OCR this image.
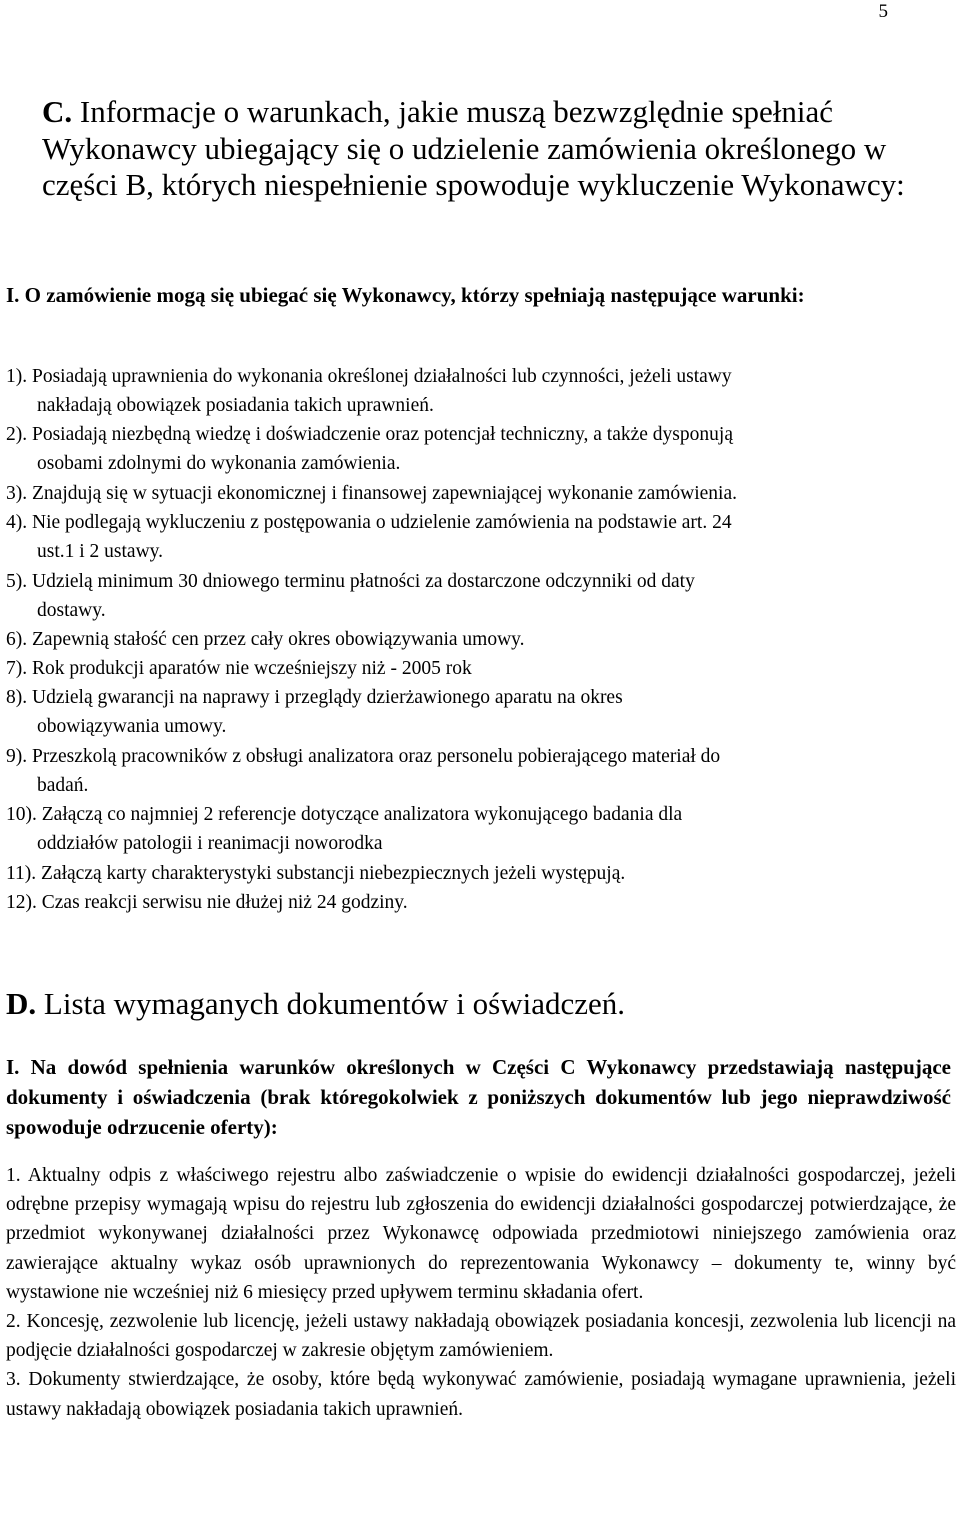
5
C. Informacje o warunkach, jakie muszą bezwzględnie spełniać Wykonawcy ubiegający się o udzielenie zamówienia określonego w części B, których niespełnienie spowoduje wykluczenie Wykonawcy:
I. O zamówienie mogą się ubiegać się Wykonawcy, którzy spełniają następujące warunki:
1). Posiadają uprawnienia do wykonania określonej działalności lub czynności, jeżeli ustawy
nakładają obowiązek posiadania takich uprawnień.
2). Posiadają niezbędną wiedzę i doświadczenie oraz potencjał techniczny, a także dysponują
osobami zdolnymi do wykonania zamówienia.
3). Znajdują się w sytuacji ekonomicznej i finansowej zapewniającej wykonanie zamówienia.
4). Nie podlegają wykluczeniu z postępowania o udzielenie zamówienia na podstawie art. 24
ust.1 i 2 ustawy.
5). Udzielą minimum 30 dniowego terminu płatności za dostarczone odczynniki od daty
dostawy.
6). Zapewnią stałość cen przez cały okres obowiązywania umowy.
7). Rok produkcji aparatów nie wcześniejszy niż - 2005 rok
8). Udzielą gwarancji na naprawy i przeglądy dzierżawionego aparatu na okres
obowiązywania umowy.
9). Przeszkolą pracowników z obsługi analizatora oraz personelu pobierającego materiał do
badań.
10). Załączą co najmniej 2 referencje dotyczące analizatora wykonującego badania dla
oddziałów patologii i reanimacji noworodka
11). Załączą karty charakterystyki substancji niebezpiecznych jeżeli występują.
12). Czas reakcji serwisu nie dłużej niż 24 godziny.
D. Lista wymaganych dokumentów i oświadczeń.
I. Na dowód spełnienia warunków określonych w Części C Wykonawcy przedstawiają następujące dokumenty i oświadczenia (brak któregokolwiek z poniższych dokumentów lub jego nieprawdziwość spowoduje odrzucenie oferty):
1. Aktualny odpis z właściwego rejestru albo zaświadczenie o wpisie do ewidencji działalności gospodarczej, jeżeli odrębne przepisy wymagają wpisu do rejestru lub zgłoszenia do ewidencji działalności gospodarczej potwierdzające, że przedmiot wykonywanej działalności przez Wykonawcę odpowiada przedmiotowi niniejszego zamówienia oraz zawierające aktualny wykaz osób uprawnionych do reprezentowania Wykonawcy – dokumenty te, winny być wystawione nie wcześniej niż 6 miesięcy przed upływem terminu składania ofert.
2. Koncesję, zezwolenie lub licencję, jeżeli ustawy nakładają obowiązek posiadania koncesji, zezwolenia lub licencji na podjęcie działalności gospodarczej w zakresie objętym zamówieniem.
3. Dokumenty stwierdzające, że osoby, które będą wykonywać zamówienie, posiadają wymagane uprawnienia, jeżeli ustawy nakładają obowiązek posiadania takich uprawnień.
